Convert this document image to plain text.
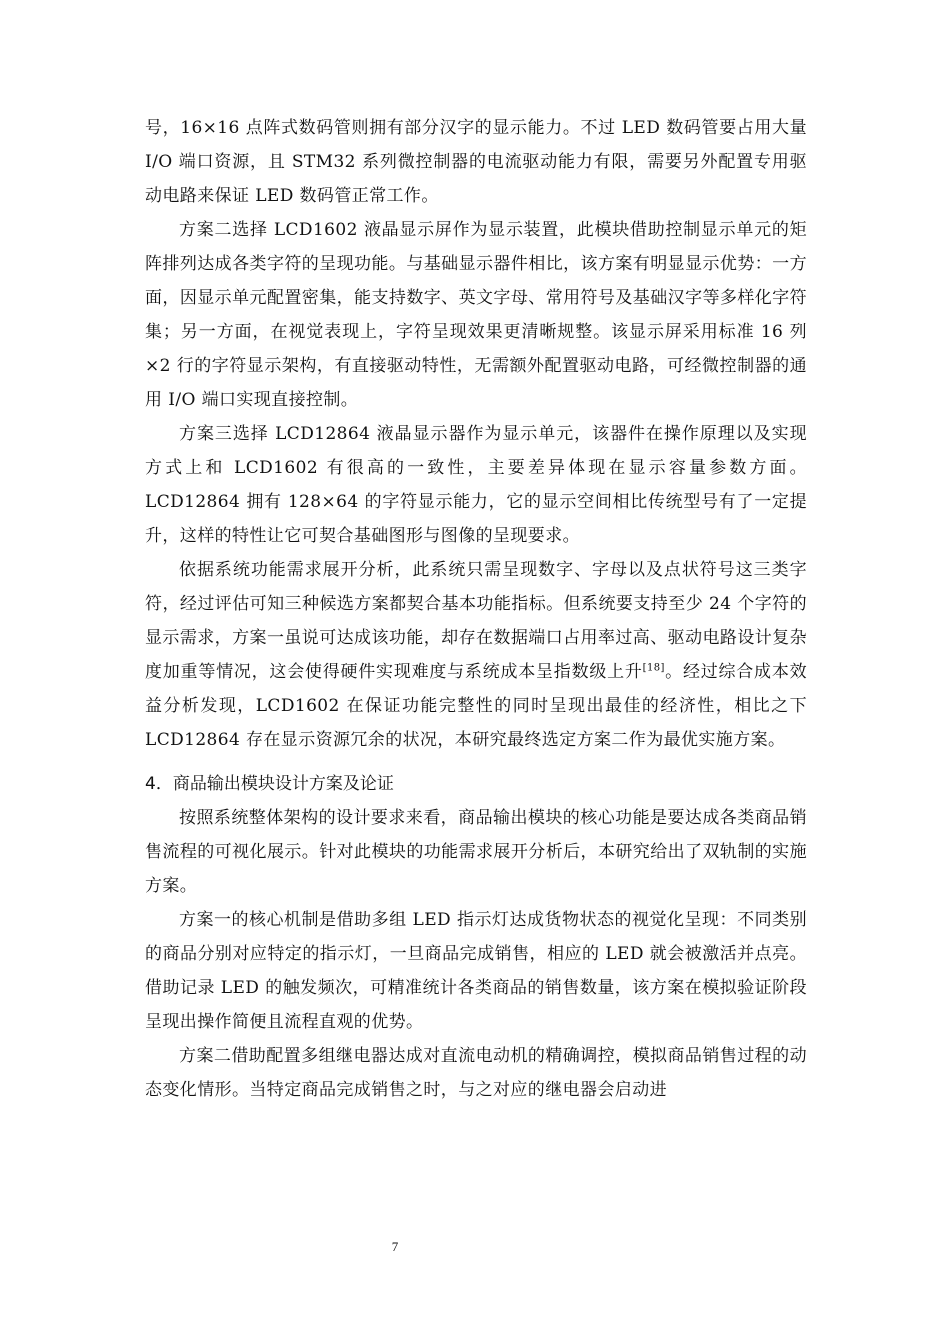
号，16×16 点阵式数码管则拥有部分汉字的显示能力。不过 LED 数码管要占用大量 I/O 端口资源，且 STM32 系列微控制器的电流驱动能力有限，需要另外配置专用驱动电路来保证 LED 数码管正常工作。

方案二选择 LCD1602 液晶显示屏作为显示装置，此模块借助控制显示单元的矩阵排列达成各类字符的呈现功能。与基础显示器件相比，该方案有明显显示优势：一方面，因显示单元配置密集，能支持数字、英文字母、常用符号及基础汉字等多样化字符集；另一方面，在视觉表现上，字符呈现效果更清晰规整。该显示屏采用标准 16 列×2 行的字符显示架构，有直接驱动特性，无需额外配置驱动电路，可经微控制器的通用 I/O 端口实现直接控制。

方案三选择 LCD12864 液晶显示器作为显示单元，该器件在操作原理以及实现方式上和 LCD1602 有很高的一致性，主要差异体现在显示容量参数方面。LCD12864 拥有 128×64 的字符显示能力，它的显示空间相比传统型号有了一定提升，这样的特性让它可契合基础图形与图像的呈现要求。

依据系统功能需求展开分析，此系统只需呈现数字、字母以及点状符号这三类字符，经过评估可知三种候选方案都契合基本功能指标。但系统要支持至少 24 个字符的显示需求，方案一虽说可达成该功能，却存在数据端口占用率过高、驱动电路设计复杂度加重等情况，这会使得硬件实现难度与系统成本呈指数级上升[18]。经过综合成本效益分析发现，LCD1602 在保证功能完整性的同时呈现出最佳的经济性，相比之下 LCD12864 存在显示资源冗余的状况，本研究最终选定方案二作为最优实施方案。

4．商品输出模块设计方案及论证

按照系统整体架构的设计要求来看，商品输出模块的核心功能是要达成各类商品销售流程的可视化展示。针对此模块的功能需求展开分析后，本研究给出了双轨制的实施方案。

方案一的核心机制是借助多组 LED 指示灯达成货物状态的视觉化呈现：不同类别的商品分别对应特定的指示灯，一旦商品完成销售，相应的 LED 就会被激活并点亮。借助记录 LED 的触发频次，可精准统计各类商品的销售数量，该方案在模拟验证阶段呈现出操作简便且流程直观的优势。

方案二借助配置多组继电器达成对直流电动机的精确调控，模拟商品销售过程的动态变化情形。当特定商品完成销售之时，与之对应的继电器会启动进

7
